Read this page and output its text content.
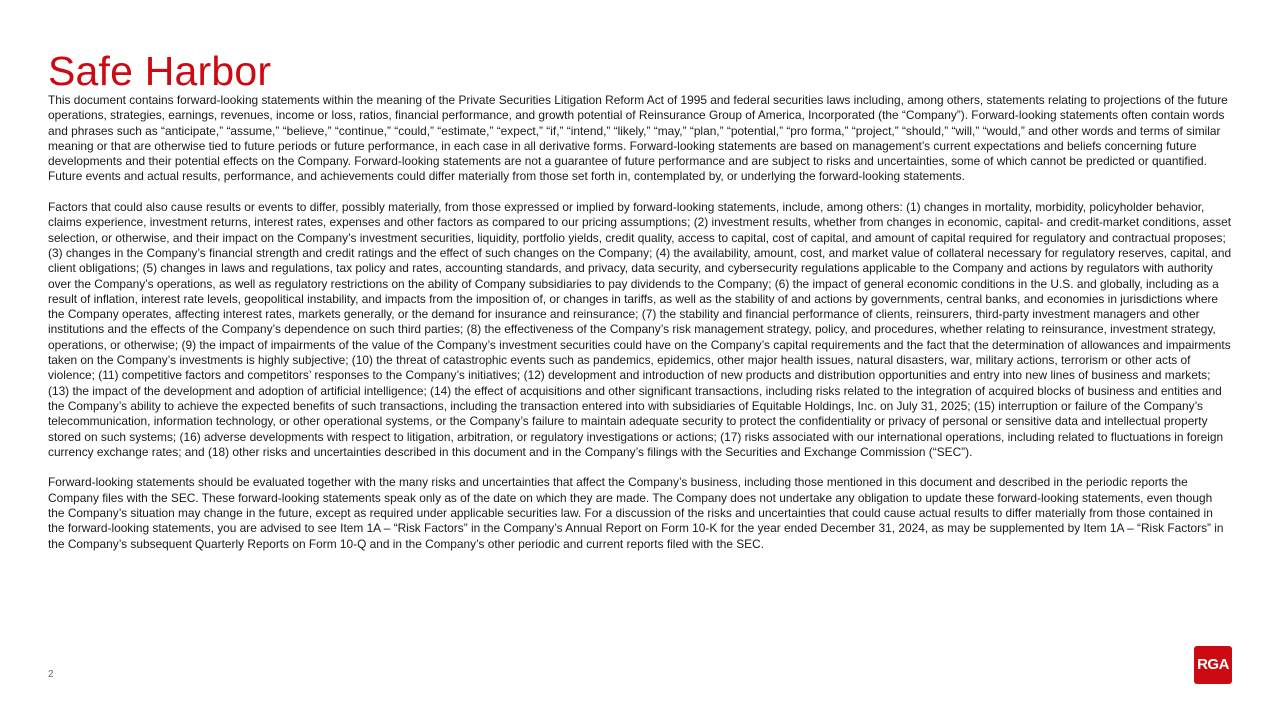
Safe Harbor

This document contains forward-looking statements within the meaning of the Private Securities Litigation Reform Act of 1995 and federal securities laws including, among others, statements relating to projections of the future operations, strategies, earnings, revenues, income or loss, ratios, financial performance, and growth potential of Reinsurance Group of America, Incorporated (the “Company”). Forward-looking statements often contain words and phrases such as “anticipate,” “assume,” “believe,” “continue,” “could,” “estimate,” “expect,” “if,” “intend,” “likely,” “may,” “plan,” “potential,” “pro forma,” “project,” “should,” “will,” “would,” and other words and terms of similar meaning or that are otherwise tied to future periods or future performance, in each case in all derivative forms. Forward-looking statements are based on management’s current expectations and beliefs concerning future developments and their potential effects on the Company. Forward-looking statements are not a guarantee of future performance and are subject to risks and uncertainties, some of which cannot be predicted or quantified. Future events and actual results, performance, and achievements could differ materially from those set forth in, contemplated by, or underlying the forward-looking statements.

Factors that could also cause results or events to differ, possibly materially, from those expressed or implied by forward-looking statements, include, among others: (1) changes in mortality, morbidity, policyholder behavior, claims experience, investment returns, interest rates, expenses and other factors as compared to our pricing assumptions; (2) investment results, whether from changes in economic, capital- and credit-market conditions, asset selection, or otherwise, and their impact on the Company’s investment securities, liquidity, portfolio yields, credit quality, access to capital, cost of capital, and amount of capital required for regulatory and contractual proposes; (3) changes in the Company’s financial strength and credit ratings and the effect of such changes on the Company; (4) the availability, amount, cost, and market value of collateral necessary for regulatory reserves, capital, and client obligations; (5) changes in laws and regulations, tax policy and rates, accounting standards, and privacy, data security, and cybersecurity regulations applicable to the Company and actions by regulators with authority over the Company’s operations, as well as regulatory restrictions on the ability of Company subsidiaries to pay dividends to the Company; (6) the impact of general economic conditions in the U.S. and globally, including as a result of inflation, interest rate levels, geopolitical instability, and impacts from the imposition of, or changes in tariffs, as well as the stability of and actions by governments, central banks, and economies in jurisdictions where the Company operates, affecting interest rates, markets generally, or the demand for insurance and reinsurance; (7) the stability and financial performance of clients, reinsurers, third-party investment managers and other institutions and the effects of the Company’s dependence on such third parties; (8) the effectiveness of the Company’s risk management strategy, policy, and procedures, whether relating to reinsurance, investment strategy, operations, or otherwise; (9) the impact of impairments of the value of the Company’s investment securities could have on the Company’s capital requirements and the fact that the determination of allowances and impairments taken on the Company’s investments is highly subjective; (10) the threat of catastrophic events such as pandemics, epidemics, other major health issues, natural disasters, war, military actions, terrorism or other acts of violence; (11) competitive factors and competitors’ responses to the Company’s initiatives; (12) development and introduction of new products and distribution opportunities and entry into new lines of business and markets; (13) the impact of the development and adoption of artificial intelligence; (14) the effect of acquisitions and other significant transactions, including risks related to the integration of acquired blocks of business and entities and the Company’s ability to achieve the expected benefits of such transactions, including the transaction entered into with subsidiaries of Equitable Holdings, Inc. on July 31, 2025; (15) interruption or failure of the Company’s telecommunication, information technology, or other operational systems, or the Company’s failure to maintain adequate security to protect the confidentiality or privacy of personal or sensitive data and intellectual property stored on such systems; (16) adverse developments with respect to litigation, arbitration, or regulatory investigations or actions; (17) risks associated with our international operations, including related to fluctuations in foreign currency exchange rates; and (18) other risks and uncertainties described in this document and in the Company’s filings with the Securities and Exchange Commission (“SEC”).

Forward-looking statements should be evaluated together with the many risks and uncertainties that affect the Company’s business, including those mentioned in this document and described in the periodic reports the Company files with the SEC. These forward-looking statements speak only as of the date on which they are made. The Company does not undertake any obligation to update these forward-looking statements, even though the Company’s situation may change in the future, except as required under applicable securities law. For a discussion of the risks and uncertainties that could cause actual results to differ materially from those contained in the forward-looking statements, you are advised to see Item 1A – “Risk Factors” in the Company’s Annual Report on Form 10-K for the year ended December 31, 2024, as may be supplemented by Item 1A – “Risk Factors” in the Company’s subsequent Quarterly Reports on Form 10-Q and in the Company’s other periodic and current reports filed with the SEC.

2
RGA
